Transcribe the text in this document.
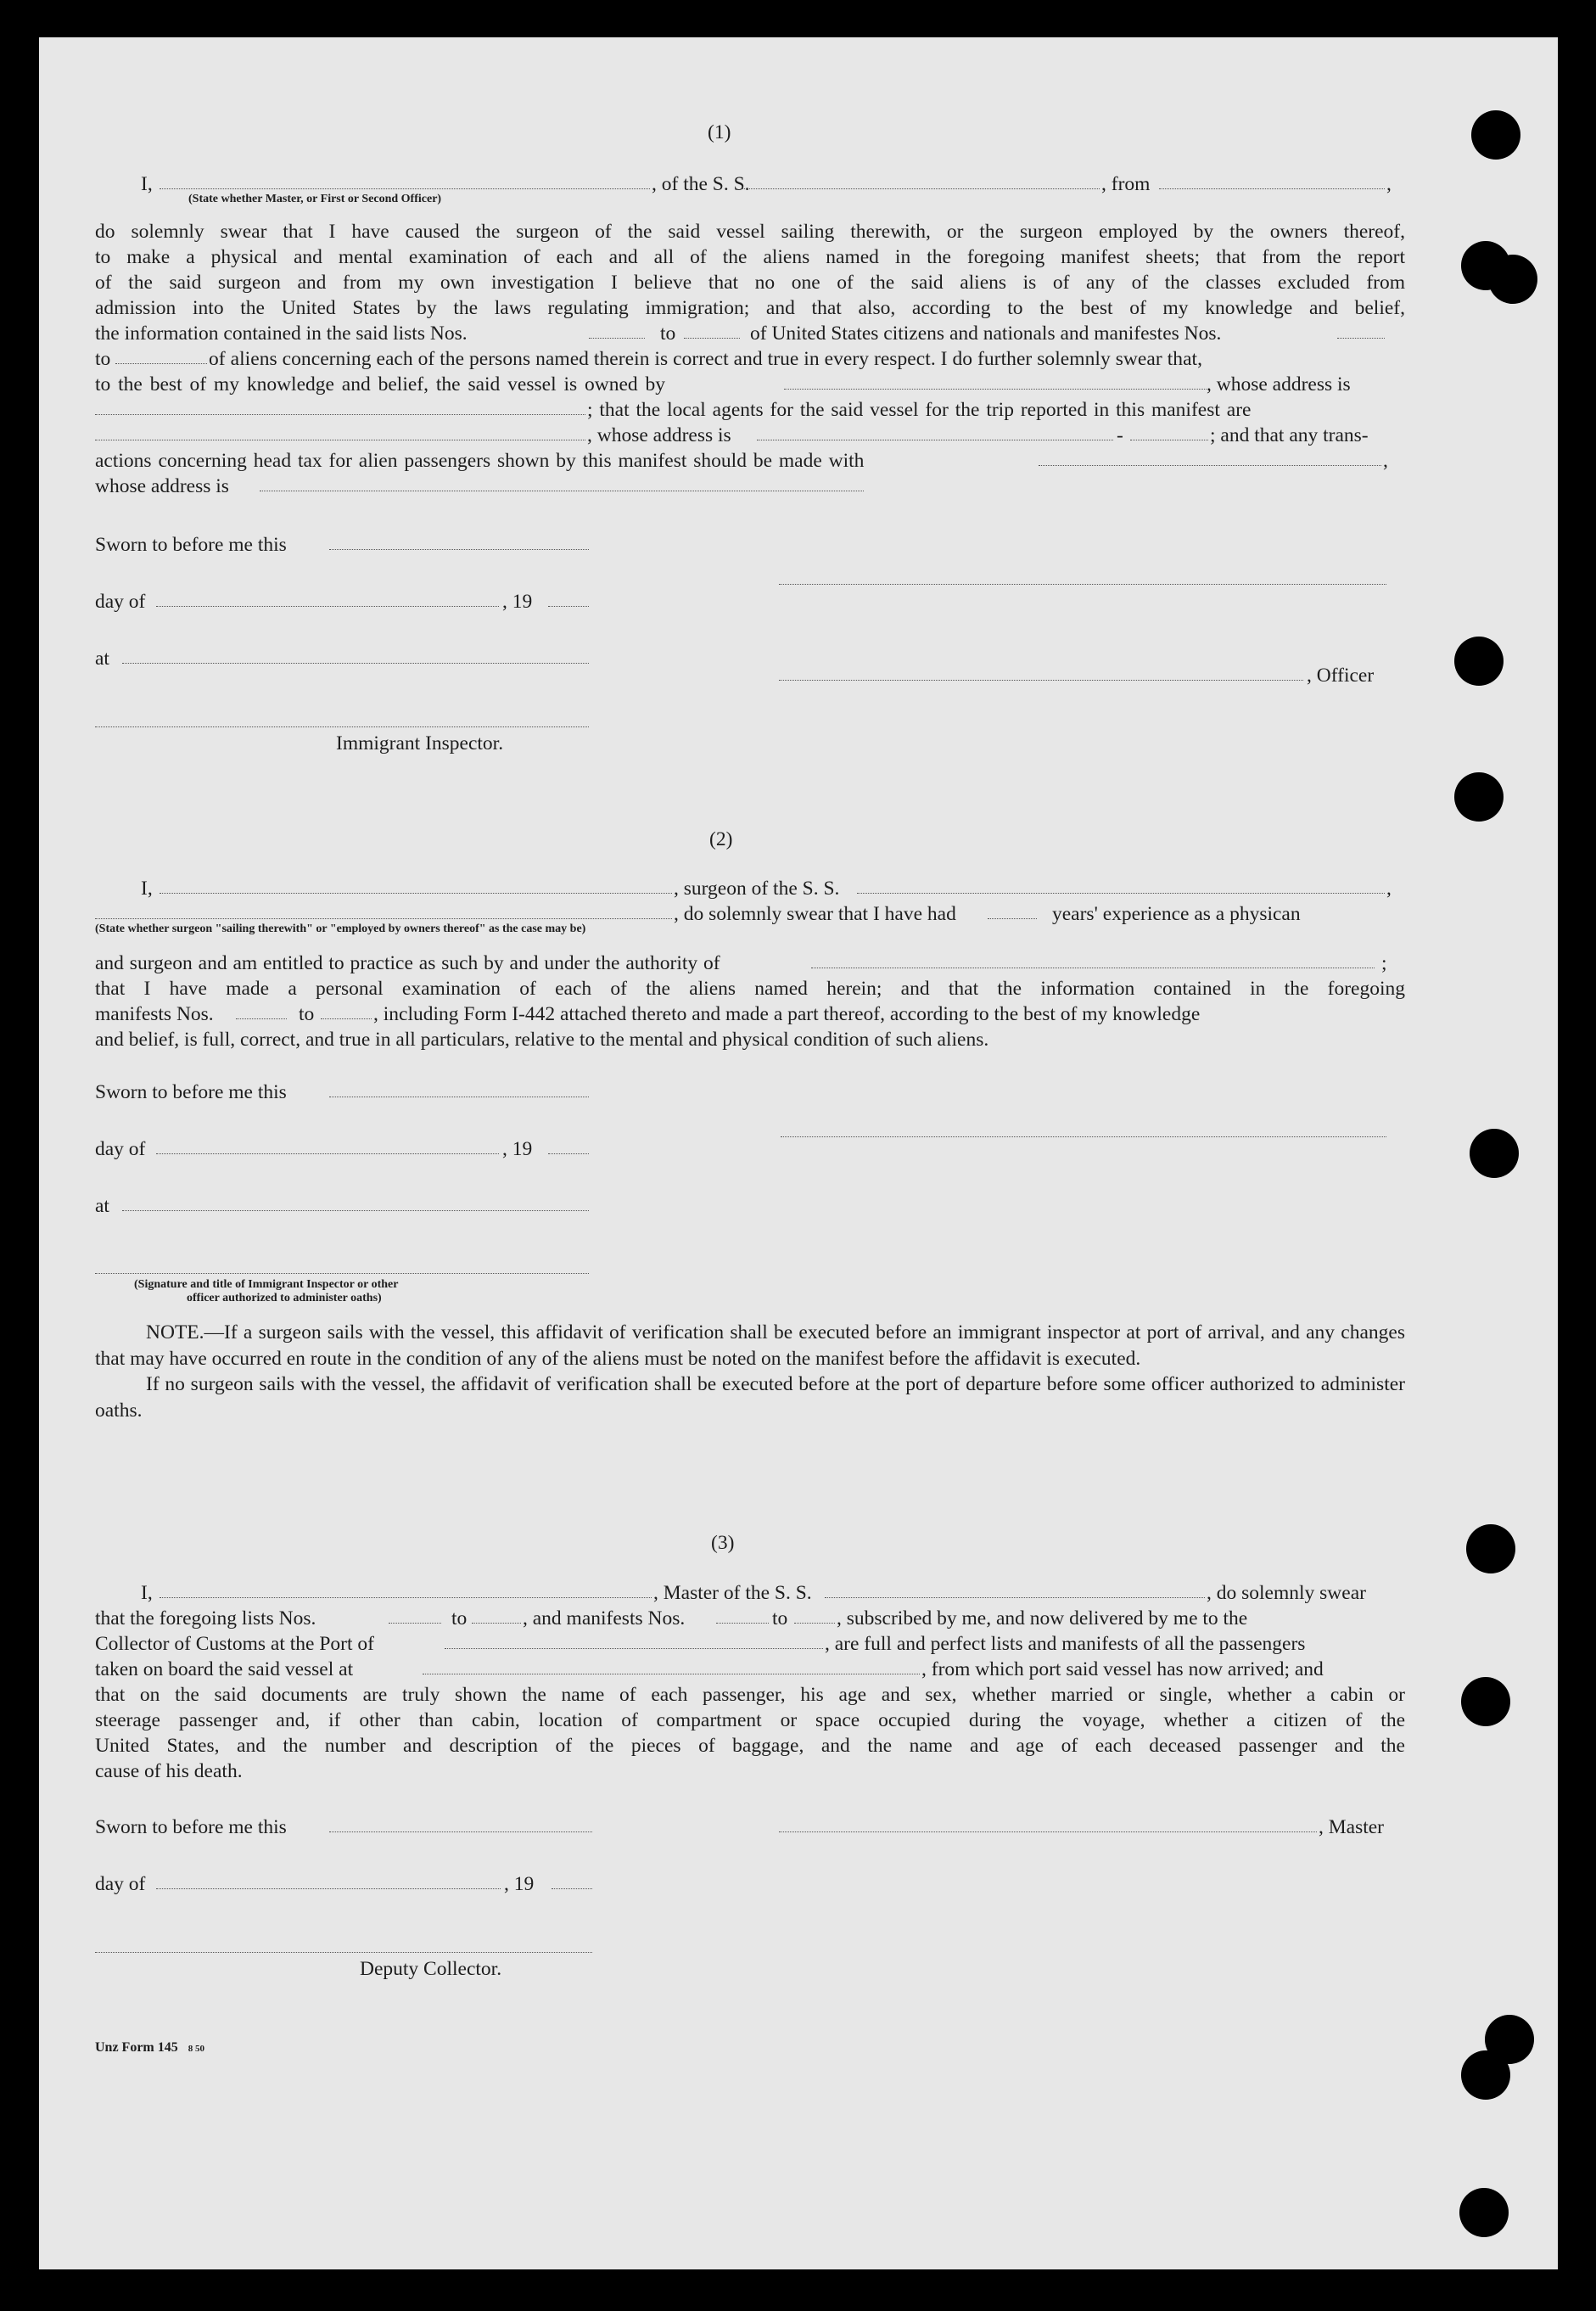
(1)
I,	, of the S. S.	, from	,
(State whether Master, or First or Second Officer)
do solemnly swear that I have caused the surgeon of the said vessel sailing therewith, or the surgeon employed by the owners thereof,
to make a physical and mental examination of each and all of the aliens named in the foregoing manifest sheets; that from the report
of the said surgeon and from my own investigation I believe that no one of the said aliens is of any of the classes excluded from
admission into the United States by the laws regulating immigration; and that also, according to the best of my knowledge and belief,
the information contained in the said lists Nos.	to	of United States citizens and nationals and manifestes Nos.
to	of aliens concerning each of the persons named therein is correct and true in every respect. I do further solemnly swear that,
to the best of my knowledge and belief, the said vessel is owned by	, whose address is
; that the local agents for the said vessel for the trip reported in this manifest are
, whose address is	-	; and that any trans-
actions concerning head tax for alien passengers shown by this manifest should be made with	,
whose address is
Sworn to before me this
day of	, 19
at
, Officer
Immigrant Inspector.
(2)
I,	, surgeon of the S. S.	,
, do solemnly swear that I have had	years' experience as a physican
(State whether surgeon "sailing therewith" or "employed by owners thereof" as the case may be)
and surgeon and am entitled to practice as such by and under the authority of	;
that I have made a personal examination of each of the aliens named herein; and that the information contained in the foregoing
manifests Nos.	to	, including Form I-442 attached thereto and made a part thereof, according to the best of my knowledge
and belief, is full, correct, and true in all particulars, relative to the mental and physical condition of such aliens.
Sworn to before me this
day of	, 19
at
(Signature and title of Immigrant Inspector or other
officer authorized to administer oaths)

NOTE.—If a surgeon sails with the vessel, this affidavit of verification shall be executed before an immigrant inspector at port of arrival, and any changes that may have occurred en route in the condition of any of the aliens must be noted on the manifest before the affidavit is executed.

If no surgeon sails with the vessel, the affidavit of verification shall be executed before at the port of departure before some officer authorized to administer oaths.

(3)
I,	, Master of the S. S.	, do solemnly swear
that the foregoing lists Nos.	to	, and manifests Nos.	to , subscribed by me, and now delivered by me to the
Collector of Customs at the Port of	, are full and perfect lists and manifests of all the passengers
taken on board the said vessel at	, from which port said vessel has now arrived; and
that on the said documents are truly shown the name of each passenger, his age and sex, whether married or single, whether a cabin or
steerage passenger and, if other than cabin, location of compartment or space occupied during the voyage, whether a citizen of the
United States, and the number and description of the pieces of baggage, and the name and age of each deceased passenger and the
cause of his death.
Sworn to before me this	, Master
day of	, 19
Deputy Collector.
Unz Form 145 8 50
